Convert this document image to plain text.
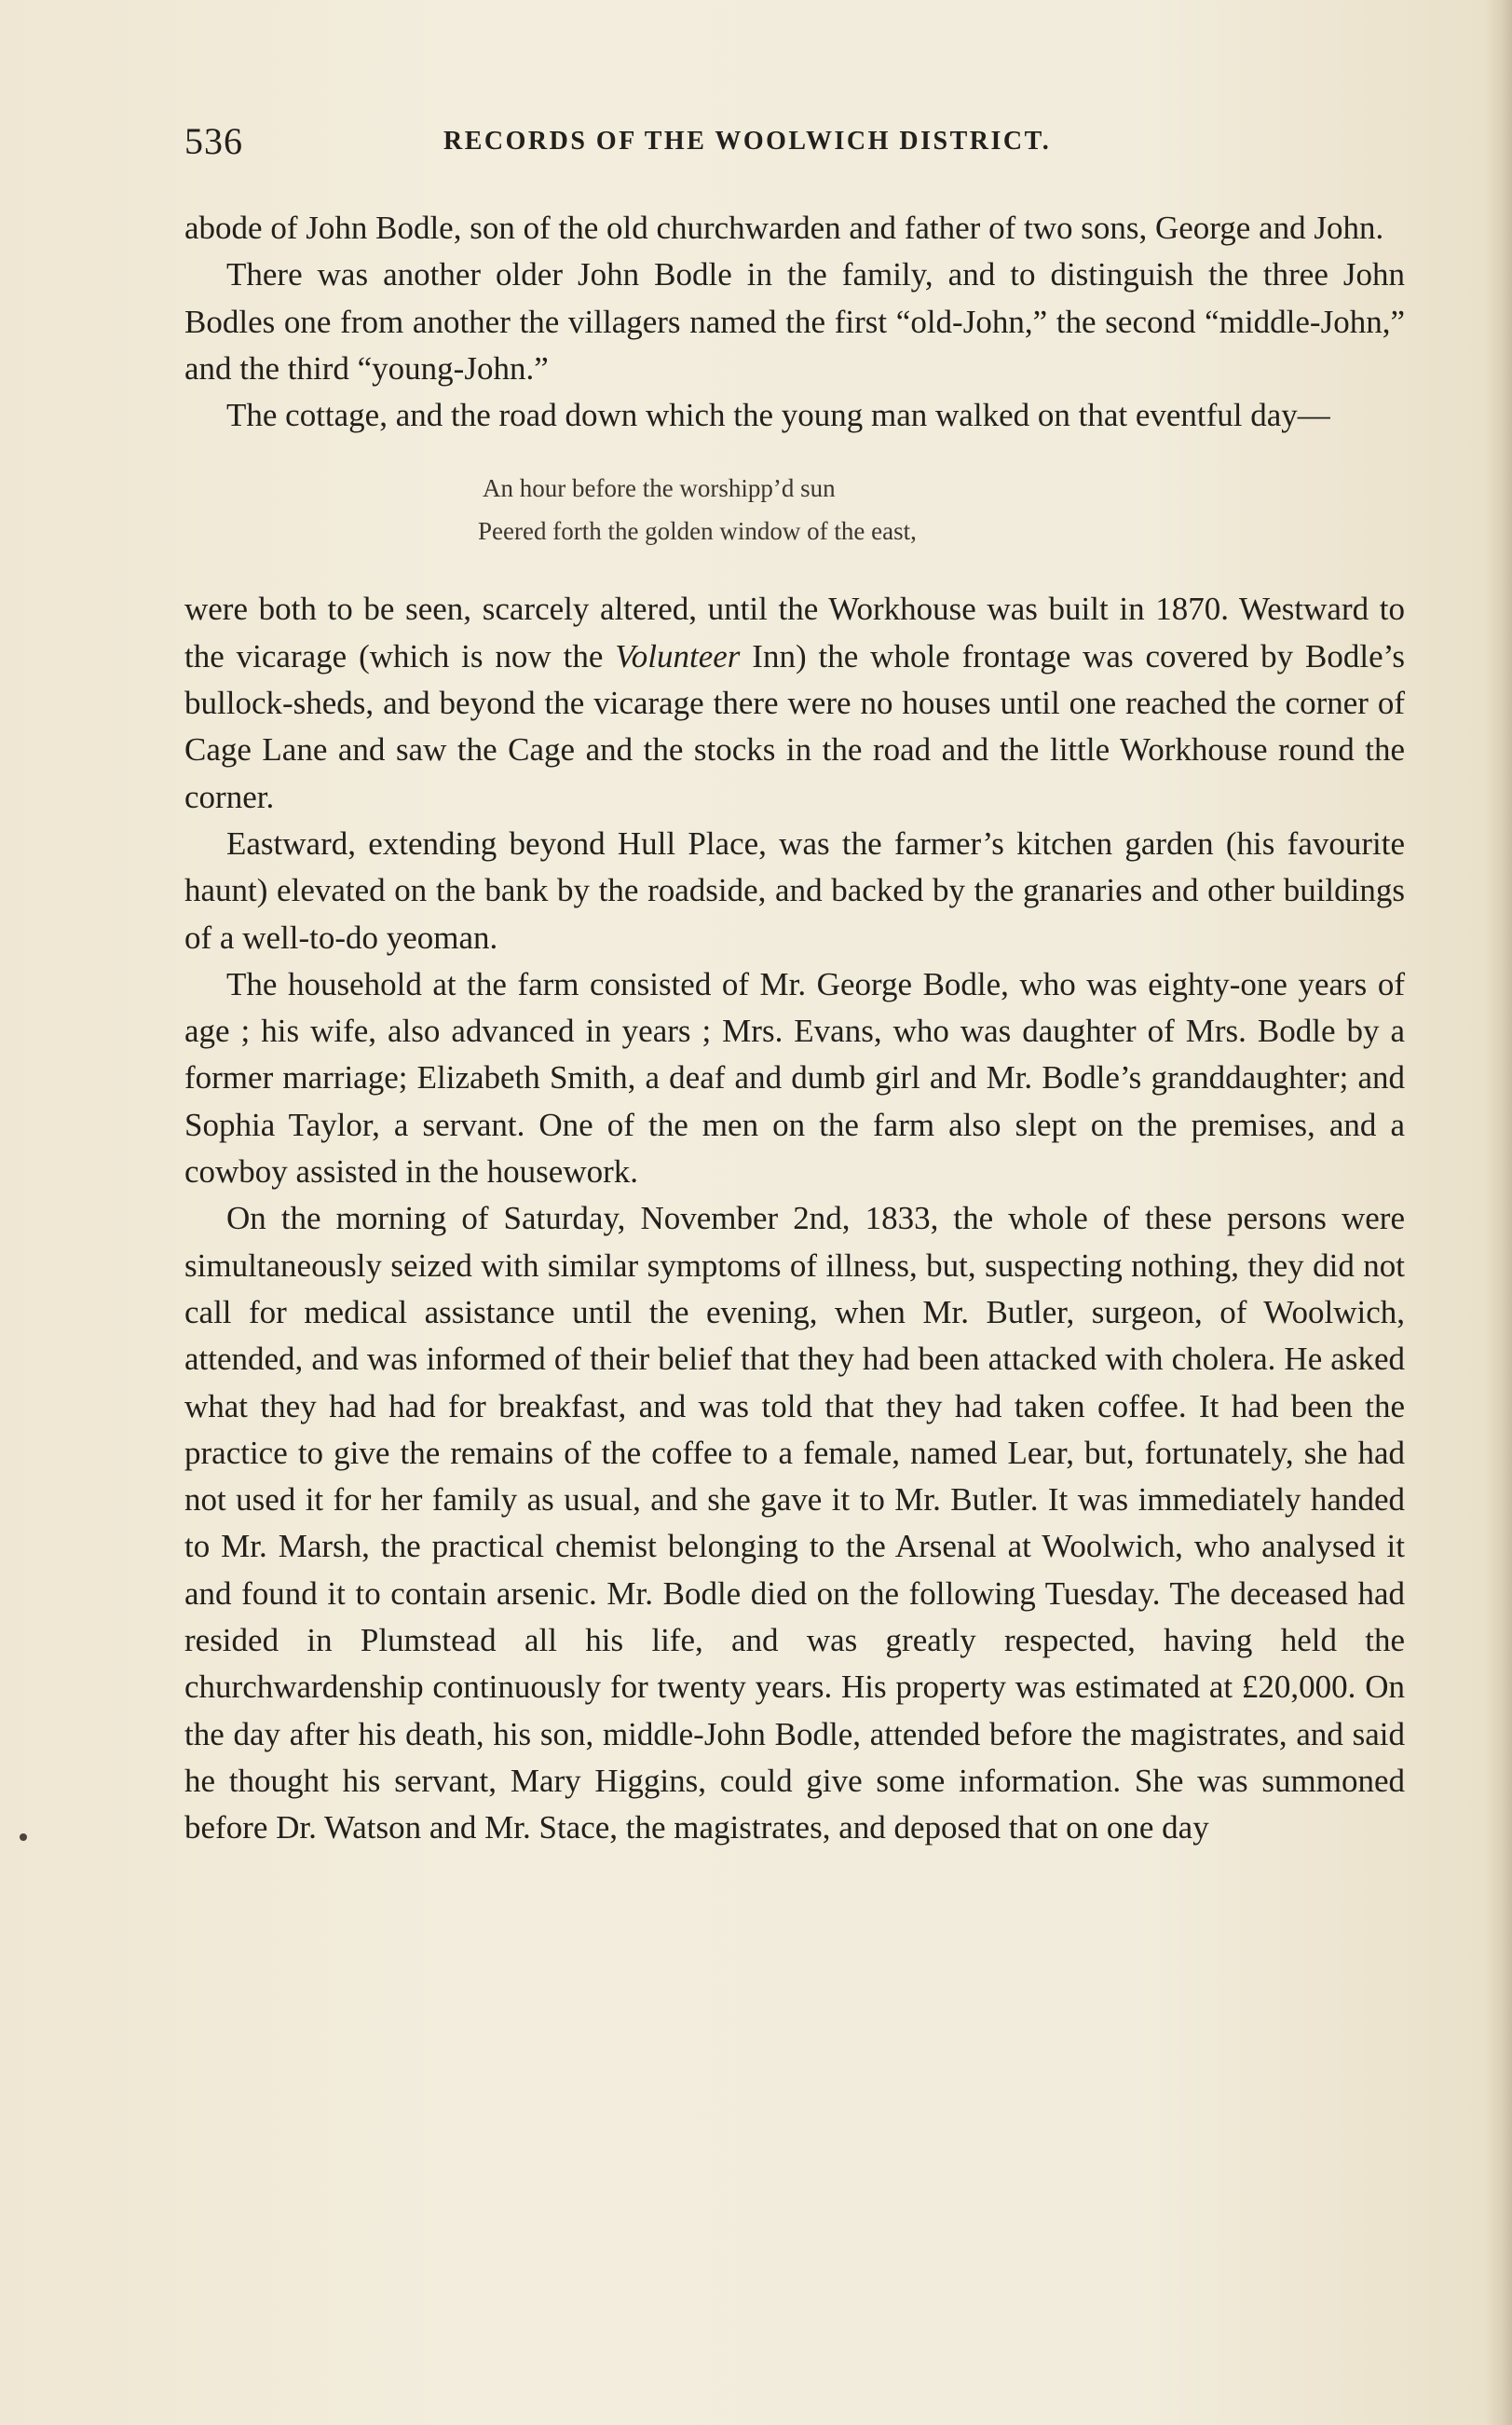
536	RECORDS OF THE WOOLWICH DISTRICT.

abode of John Bodle, son of the old churchwarden and father of two sons, George and John.

There was another older John Bodle in the family, and to distinguish the three John Bodles one from another the villagers named the first “old-John,” the second “middle-John,” and the third “young-John.”

The cottage, and the road down which the young man walked on that eventful day—

An hour before the worshipp’d sun
Peered forth the golden window of the east,

were both to be seen, scarcely altered, until the Workhouse was built in 1870. Westward to the vicarage (which is now the Volunteer Inn) the whole frontage was covered by Bodle’s bullock-sheds, and beyond the vicarage there were no houses until one reached the corner of Cage Lane and saw the Cage and the stocks in the road and the little Workhouse round the corner.

Eastward, extending beyond Hull Place, was the farmer’s kitchen garden (his favourite haunt) elevated on the bank by the roadside, and backed by the granaries and other buildings of a well-to-do yeoman.

The household at the farm consisted of Mr. George Bodle, who was eighty-one years of age ; his wife, also advanced in years ; Mrs. Evans, who was daughter of Mrs. Bodle by a former marriage; Elizabeth Smith, a deaf and dumb girl and Mr. Bodle’s granddaughter; and Sophia Taylor, a servant. One of the men on the farm also slept on the premises, and a cowboy assisted in the housework.

On the morning of Saturday, November 2nd, 1833, the whole of these persons were simultaneously seized with similar symptoms of illness, but, suspecting nothing, they did not call for medical assistance until the evening, when Mr. Butler, surgeon, of Woolwich, attended, and was informed of their belief that they had been attacked with cholera. He asked what they had had for breakfast, and was told that they had taken coffee. It had been the practice to give the remains of the coffee to a female, named Lear, but, fortunately, she had not used it for her family as usual, and she gave it to Mr. Butler. It was immediately handed to Mr. Marsh, the practical chemist belonging to the Arsenal at Woolwich, who analysed it and found it to contain arsenic. Mr. Bodle died on the following Tuesday. The deceased had resided in Plumstead all his life, and was greatly respected, having held the churchwardenship continuously for twenty years. His property was estimated at £20,000. On the day after his death, his son, middle-John Bodle, attended before the magistrates, and said he thought his servant, Mary Higgins, could give some information. She was summoned before Dr. Watson and Mr. Stace, the magistrates, and deposed that on one day
